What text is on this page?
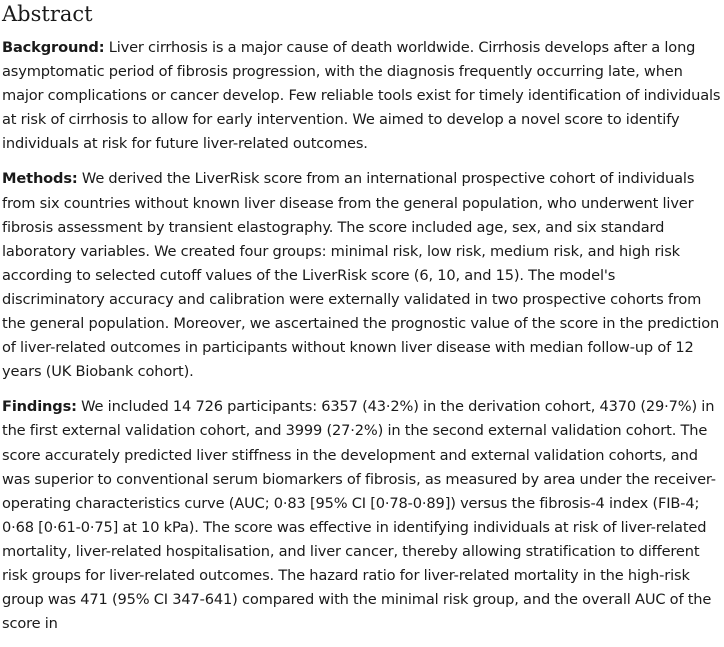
Abstract

Background: Liver cirrhosis is a major cause of death worldwide. Cirrhosis develops after a long asymptomatic period of fibrosis progression, with the diagnosis frequently occurring late, when major complications or cancer develop. Few reliable tools exist for timely identification of individuals at risk of cirrhosis to allow for early intervention. We aimed to develop a novel score to identify individuals at risk for future liver-related outcomes.

Methods: We derived the LiverRisk score from an international prospective cohort of individuals from six countries without known liver disease from the general population, who underwent liver fibrosis assessment by transient elastography. The score included age, sex, and six standard laboratory variables. We created four groups: minimal risk, low risk, medium risk, and high risk according to selected cutoff values of the LiverRisk score (6, 10, and 15). The model's discriminatory accuracy and calibration were externally validated in two prospective cohorts from the general population. Moreover, we ascertained the prognostic value of the score in the prediction of liver-related outcomes in participants without known liver disease with median follow-up of 12 years (UK Biobank cohort).

Findings: We included 14 726 participants: 6357 (43·2%) in the derivation cohort, 4370 (29·7%) in the first external validation cohort, and 3999 (27·2%) in the second external validation cohort. The score accurately predicted liver stiffness in the development and external validation cohorts, and was superior to conventional serum biomarkers of fibrosis, as measured by area under the receiver-operating characteristics curve (AUC; 0·83 [95% CI [0·78-0·89]) versus the fibrosis-4 index (FIB-4; 0·68 [0·61-0·75] at 10 kPa). The score was effective in identifying individuals at risk of liver-related mortality, liver-related hospitalisation, and liver cancer, thereby allowing stratification to different risk groups for liver-related outcomes. The hazard ratio for liver-related mortality in the high-risk group was 471 (95% CI 347-641) compared with the minimal risk group, and the overall AUC of the score in
